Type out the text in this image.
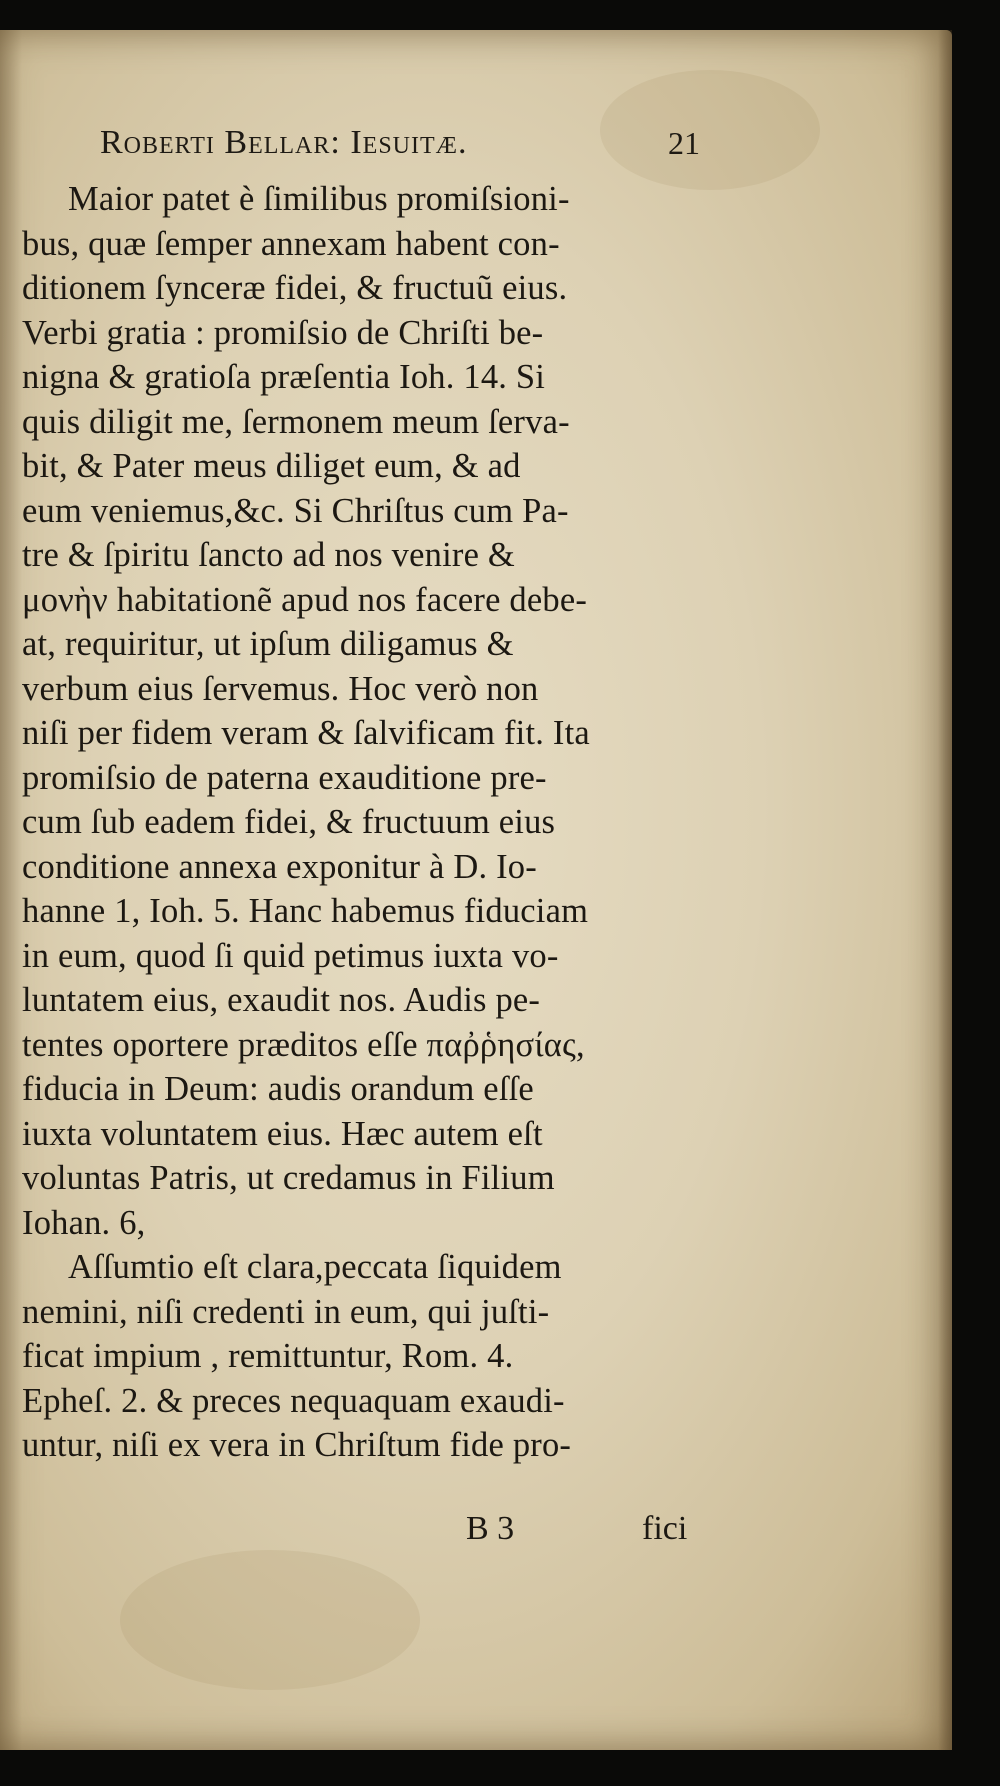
Roberti Bellar: Iesuitæ.	21
Maior patet è ſimilibus promiſsioni-
bus, quæ ſemper annexam habent con-
ditionem ſynceræ fidei, & fructuũ eius.
Verbi gratia : promiſsio de Chriſti be-
nigna & gratioſa præſentia Ioh. 14. Si
quis diligit me, ſermonem meum ſerva-
bit, & Pater meus diliget eum, & ad
eum veniemus,&c. Si Chriſtus cum Pa-
tre & ſpiritu ſancto ad nos venire &
μονὴν habitationẽ apud nos facere debe-
at, requiritur, ut ipſum diligamus &
verbum eius ſervemus. Hoc verò non
niſi per fidem veram & ſalvificam fit. Ita
promiſsio de paterna exauditione pre-
cum ſub eadem fidei, & fructuum eius
conditione annexa exponitur à D. Io-
hanne 1, Ioh. 5. Hanc habemus fiduciam
in eum, quod ſi quid petimus iuxta vo-
luntatem eius, exaudit nos. Audis pe-
tentes oportere præditos eſſe παῤῥησίας,
fiducia in Deum: audis orandum eſſe
iuxta voluntatem eius. Hæc autem eſt
voluntas Patris, ut credamus in Filium
Iohan. 6,
Aſſumtio eſt clara,peccata ſiquidem
nemini, niſi credenti in eum, qui juſti-
ficat impium , remittuntur, Rom. 4.
Epheſ. 2. & preces nequaquam exaudi-
untur, niſi ex vera in Chriſtum fide pro-
B 3	fici
